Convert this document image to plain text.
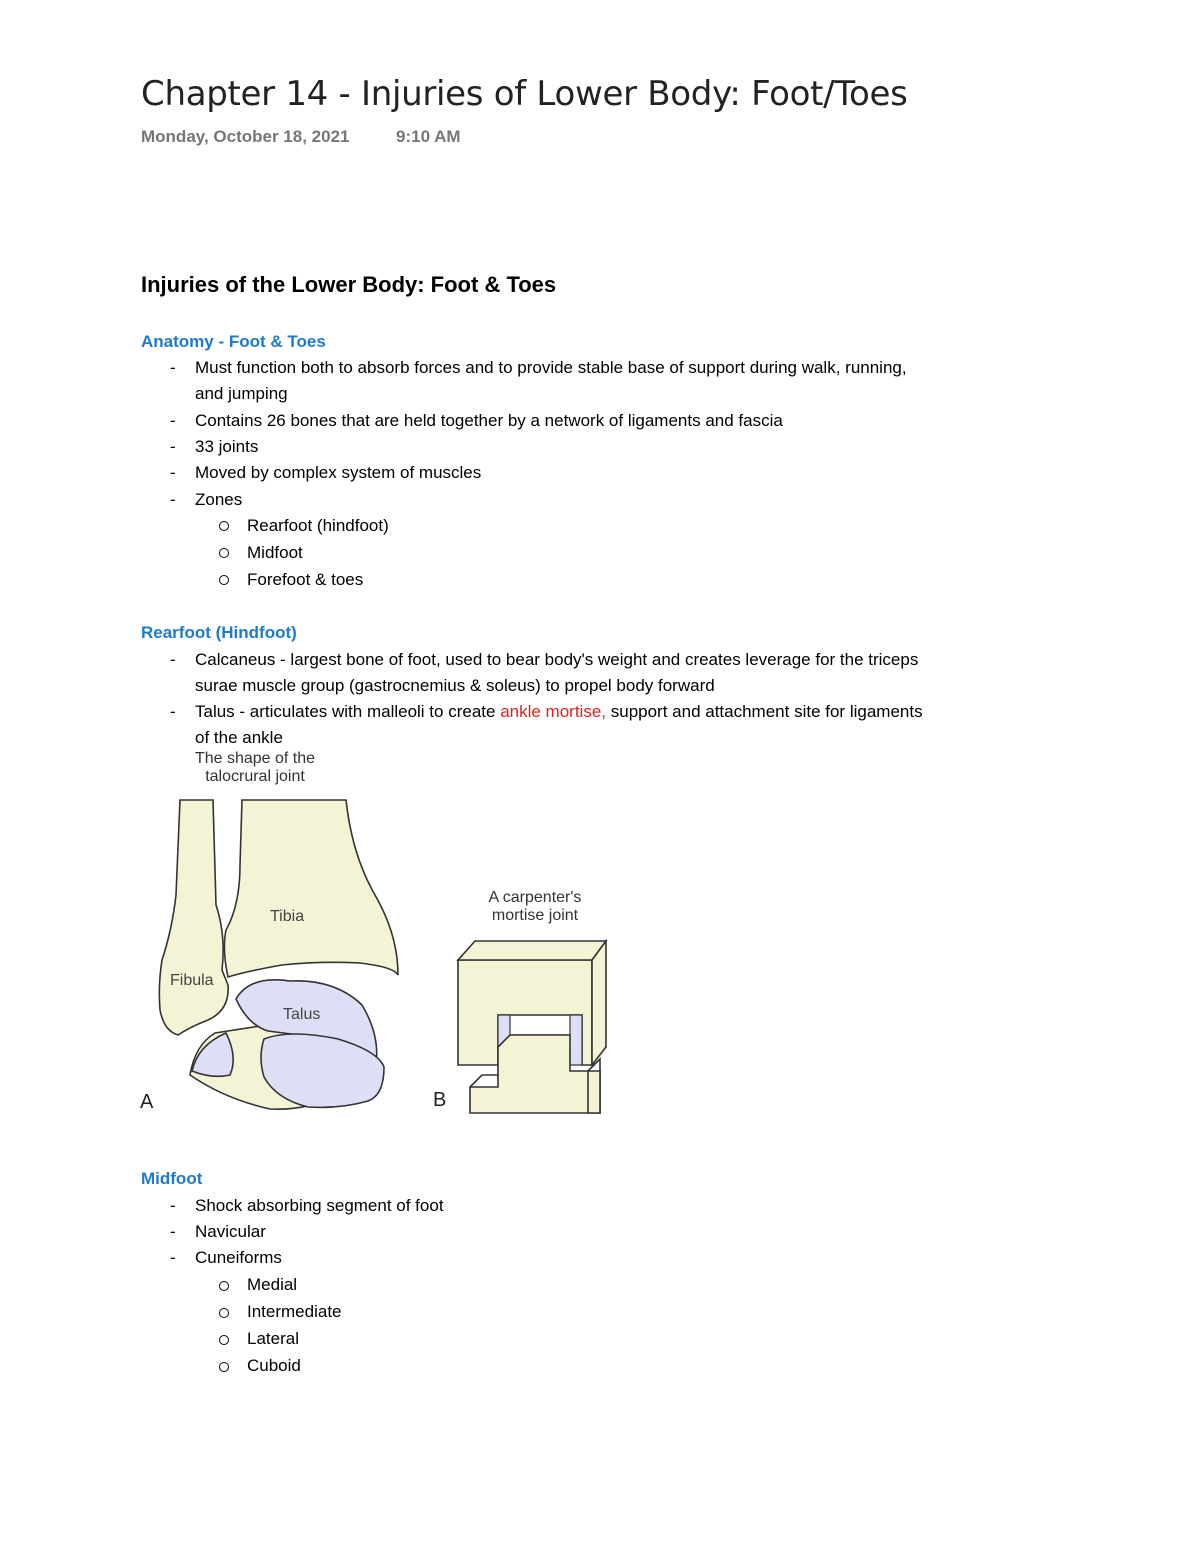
Chapter 14 - Injuries of Lower Body: Foot/Toes
Monday, October 18, 2021	9:10 AM
Injuries of the Lower Body: Foot & Toes
Anatomy - Foot & Toes
- Must function both to absorb forces and to provide stable base of support during walk, running,
and jumping
- Contains 26 bones that are held together by a network of ligaments and fascia
- 33 joints
- Moved by complex system of muscles
- Zones
Rearfoot (hindfoot)
Midfoot
Forefoot & toes
Rearfoot (Hindfoot)
- Calcaneus - largest bone of foot, used to bear body's weight and creates leverage for the triceps
surae muscle group (gastrocnemius & soleus) to propel body forward
- Talus - articulates with malleoli to create ankle mortise, support and attachment site for ligaments
of the ankle
The shape of the
talocrural joint
A carpenter's
mortise joint
Tibia
Fibula
Talus
A	B
Midfoot
- Shock absorbing segment of foot
- Navicular
- Cuneiforms
Medial
Intermediate
Lateral
Cuboid
